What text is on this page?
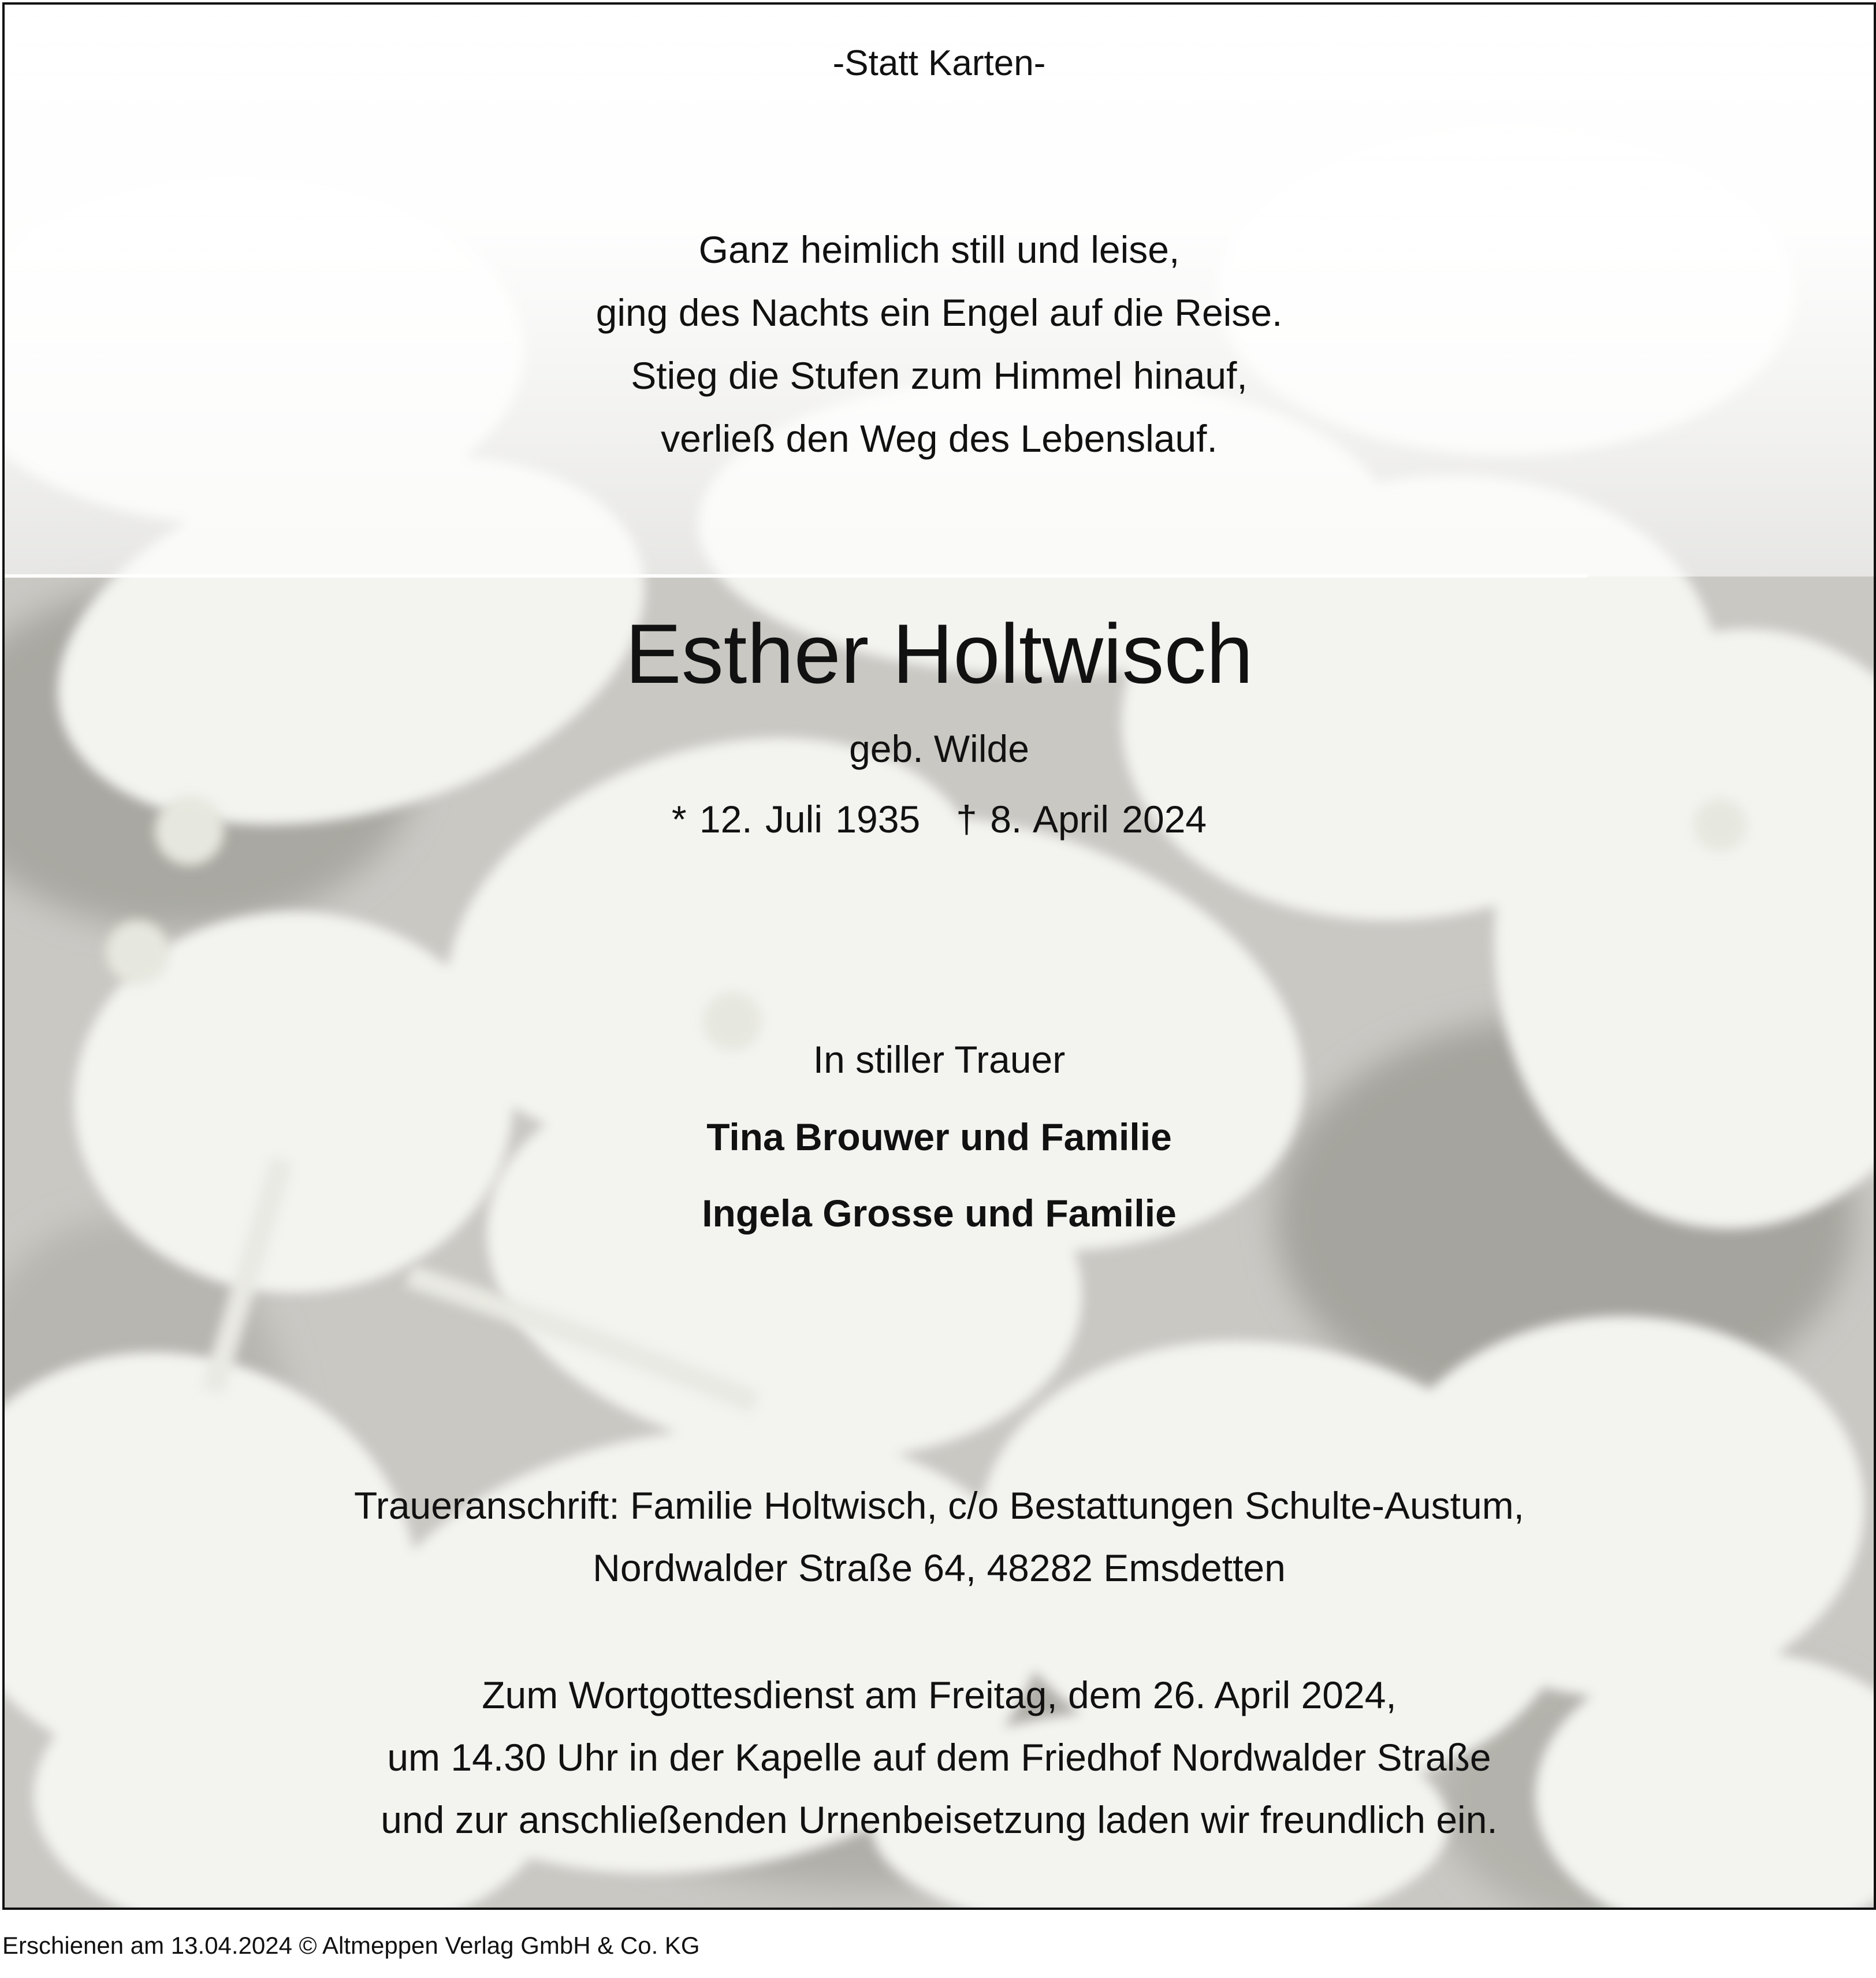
-Statt Karten-
Ganz heimlich still und leise,
ging des Nachts ein Engel auf die Reise.
Stieg die Stufen zum Himmel hinauf,
verließ den Weg des Lebenslauf.
Esther Holtwisch
geb. Wilde
* 12. Juli 1935 † 8. April 2024
In stiller Trauer
Tina Brouwer und Familie
Ingela Grosse und Familie
Traueranschrift: Familie Holtwisch, c/o Bestattungen Schulte-Austum,
Nordwalder Straße 64, 48282 Emsdetten
Zum Wortgottesdienst am Freitag, dem 26. April 2024,
um 14.30 Uhr in der Kapelle auf dem Friedhof Nordwalder Straße
und zur anschließenden Urnenbeisetzung laden wir freundlich ein.
Erschienen am 13.04.2024 © Altmeppen Verlag GmbH & Co. KG
